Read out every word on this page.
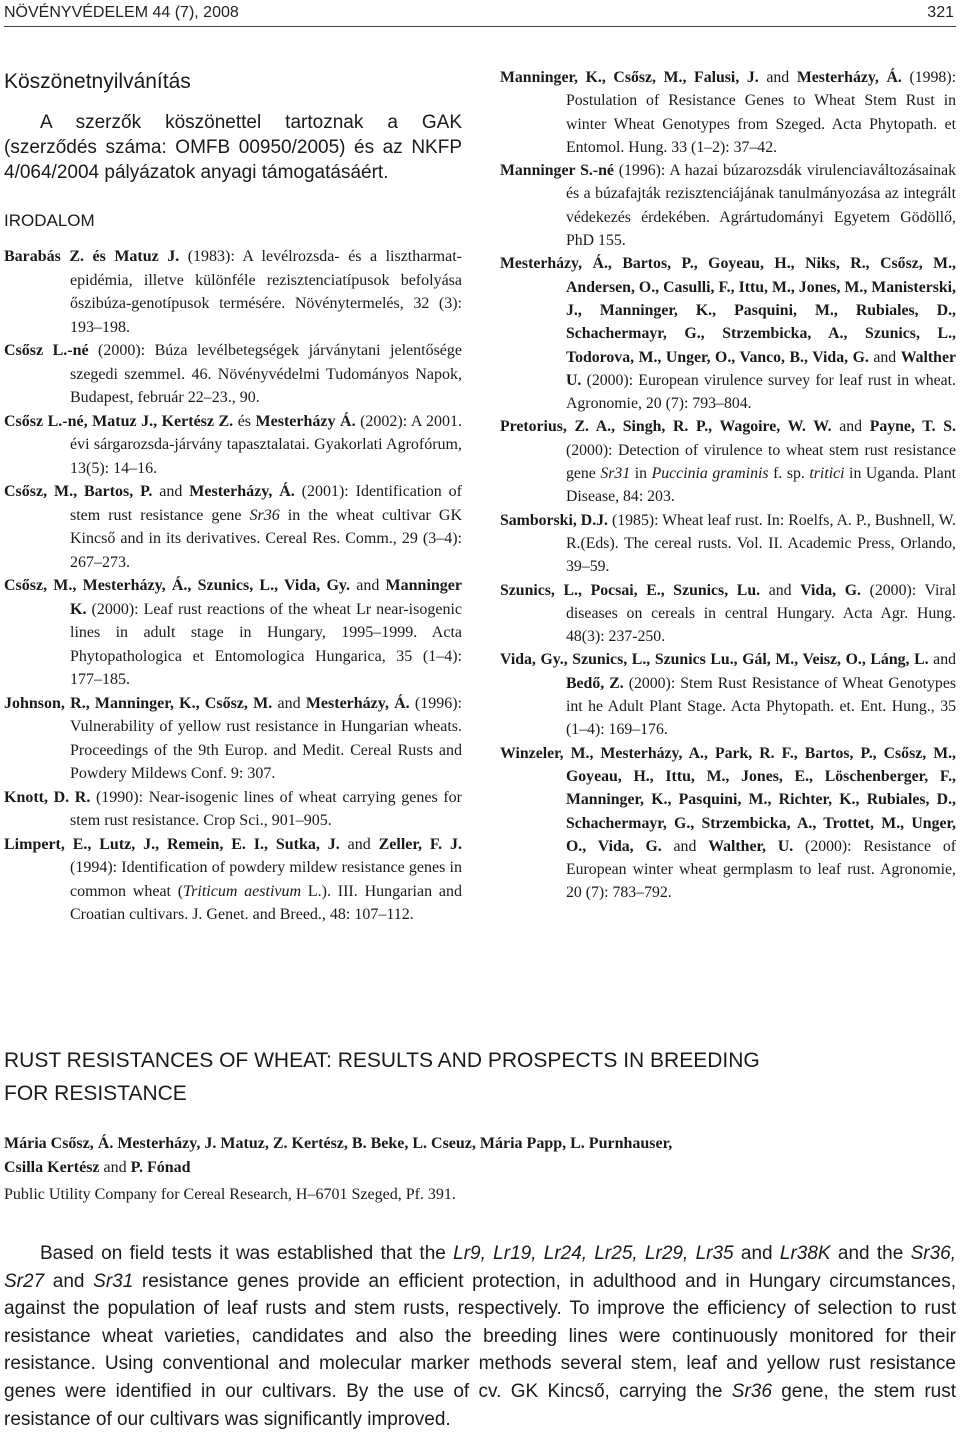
NÖVÉNYVÉDELEM 44 (7), 2008	321
Köszönetnyilvánítás

A szerzők köszönettel tartoznak a GAK (szerződés száma: OMFB 00950/2005) és az NKFP 4/064/2004 pályázatok anyagi támogatásáért.

IRODALOM

Barabás Z. és Matuz J. (1983): A levélrozsda- és a lisztharmat-epidémia, illetve különféle rezisztenciatípusok befolyása őszibúza-genotípusok termésére. Növénytermelés, 32 (3): 193–198.

Csősz L.-né (2000): Búza levélbetegségek járványtani jelentősége szegedi szemmel. 46. Növényvédelmi Tudományos Napok, Budapest, február 22–23., 90.

Csősz L.-né, Matuz J., Kertész Z. és Mesterházy Á. (2002): A 2001. évi sárgarozsda-járvány tapasztalatai. Gyakorlati Agrofórum, 13(5): 14–16.

Csősz, M., Bartos, P. and Mesterházy, Á. (2001): Identification of stem rust resistance gene Sr36 in the wheat cultivar GK Kincső and in its derivatives. Cereal Res. Comm., 29 (3–4): 267–273.

Csősz, M., Mesterházy, Á., Szunics, L., Vida, Gy. and Manninger K. (2000): Leaf rust reactions of the wheat Lr near-isogenic lines in adult stage in Hungary, 1995–1999. Acta Phytopathologica et Entomologica Hungarica, 35 (1–4): 177–185.

Johnson, R., Manninger, K., Csősz, M. and Mesterházy, Á. (1996): Vulnerability of yellow rust resistance in Hungarian wheats. Proceedings of the 9th Europ. and Medit. Cereal Rusts and Powdery Mildews Conf. 9: 307.

Knott, D. R. (1990): Near-isogenic lines of wheat carrying genes for stem rust resistance. Crop Sci., 901–905.

Limpert, E., Lutz, J., Remein, E. I., Sutka, J. and Zeller, F. J. (1994): Identification of powdery mildew resistance genes in common wheat (Triticum aestivum L.). III. Hungarian and Croatian cultivars. J. Genet. and Breed., 48: 107–112.

Manninger, K., Csősz, M., Falusi, J. and Mesterházy, Á. (1998): Postulation of Resistance Genes to Wheat Stem Rust in winter Wheat Genotypes from Szeged. Acta Phytopath. et Entomol. Hung. 33 (1–2): 37–42.

Manninger S.-né (1996): A hazai búzarozsdák virulenciaváltozásainak és a búzafajták rezisztenciájának tanulmányozása az integrált védekezés érdekében. Agrártudományi Egyetem Gödöllő, PhD 155.

Mesterházy, Á., Bartos, P., Goyeau, H., Niks, R., Csősz, M., Andersen, O., Casulli, F., Ittu, M., Jones, M., Manisterski, J., Manninger, K., Pasquini, M., Rubiales, D., Schachermayr, G., Strzembicka, A., Szunics, L., Todorova, M., Unger, O., Vanco, B., Vida, G. and Walther U. (2000): European virulence survey for leaf rust in wheat. Agronomie, 20 (7): 793–804.

Pretorius, Z. A., Singh, R. P., Wagoire, W. W. and Payne, T. S. (2000): Detection of virulence to wheat stem rust resistance gene Sr31 in Puccinia graminis f. sp. tritici in Uganda. Plant Disease, 84: 203.

Samborski, D.J. (1985): Wheat leaf rust. In: Roelfs, A. P., Bushnell, W. R.(Eds). The cereal rusts. Vol. II. Academic Press, Orlando, 39–59.

Szunics, L., Pocsai, E., Szunics, Lu. and Vida, G. (2000): Viral diseases on cereals in central Hungary. Acta Agr. Hung. 48(3): 237-250.

Vida, Gy., Szunics, L., Szunics Lu., Gál, M., Veisz, O., Láng, L. and Bedő, Z. (2000): Stem Rust Resistance of Wheat Genotypes int he Adult Plant Stage. Acta Phytopath. et. Ent. Hung., 35 (1–4): 169–176.

Winzeler, M., Mesterházy, A., Park, R. F., Bartos, P., Csősz, M., Goyeau, H., Ittu, M., Jones, E., Löschenberger, F., Manninger, K., Pasquini, M., Richter, K., Rubiales, D., Schachermayr, G., Strzembicka, A., Trottet, M., Unger, O., Vida, G. and Walther, U. (2000): Resistance of European winter wheat germplasm to leaf rust. Agronomie, 20 (7): 783–792.

RUST RESISTANCES OF WHEAT: RESULTS AND PROSPECTS IN BREEDING
FOR RESISTANCE
Mária Csősz, Á. Mesterházy, J. Matuz, Z. Kertész, B. Beke, L. Cseuz, Mária Papp, L. Purnhauser,
Csilla Kertész and P. Fónad
Public Utility Company for Cereal Research, H–6701 Szeged, Pf. 391.

Based on field tests it was established that the Lr9, Lr19, Lr24, Lr25, Lr29, Lr35 and Lr38K and the Sr36, Sr27 and Sr31 resistance genes provide an efficient protection, in adulthood and in Hungary circumstances, against the population of leaf rusts and stem rusts, respectively. To improve the efficiency of selection to rust resistance wheat varieties, candidates and also the breeding lines were continuously monitored for their resistance. Using conventional and molecular marker methods several stem, leaf and yellow rust resistance genes were identified in our cultivars. By the use of cv. GK Kincső, carrying the Sr36 gene, the stem rust resistance of our cultivars was significantly improved.
